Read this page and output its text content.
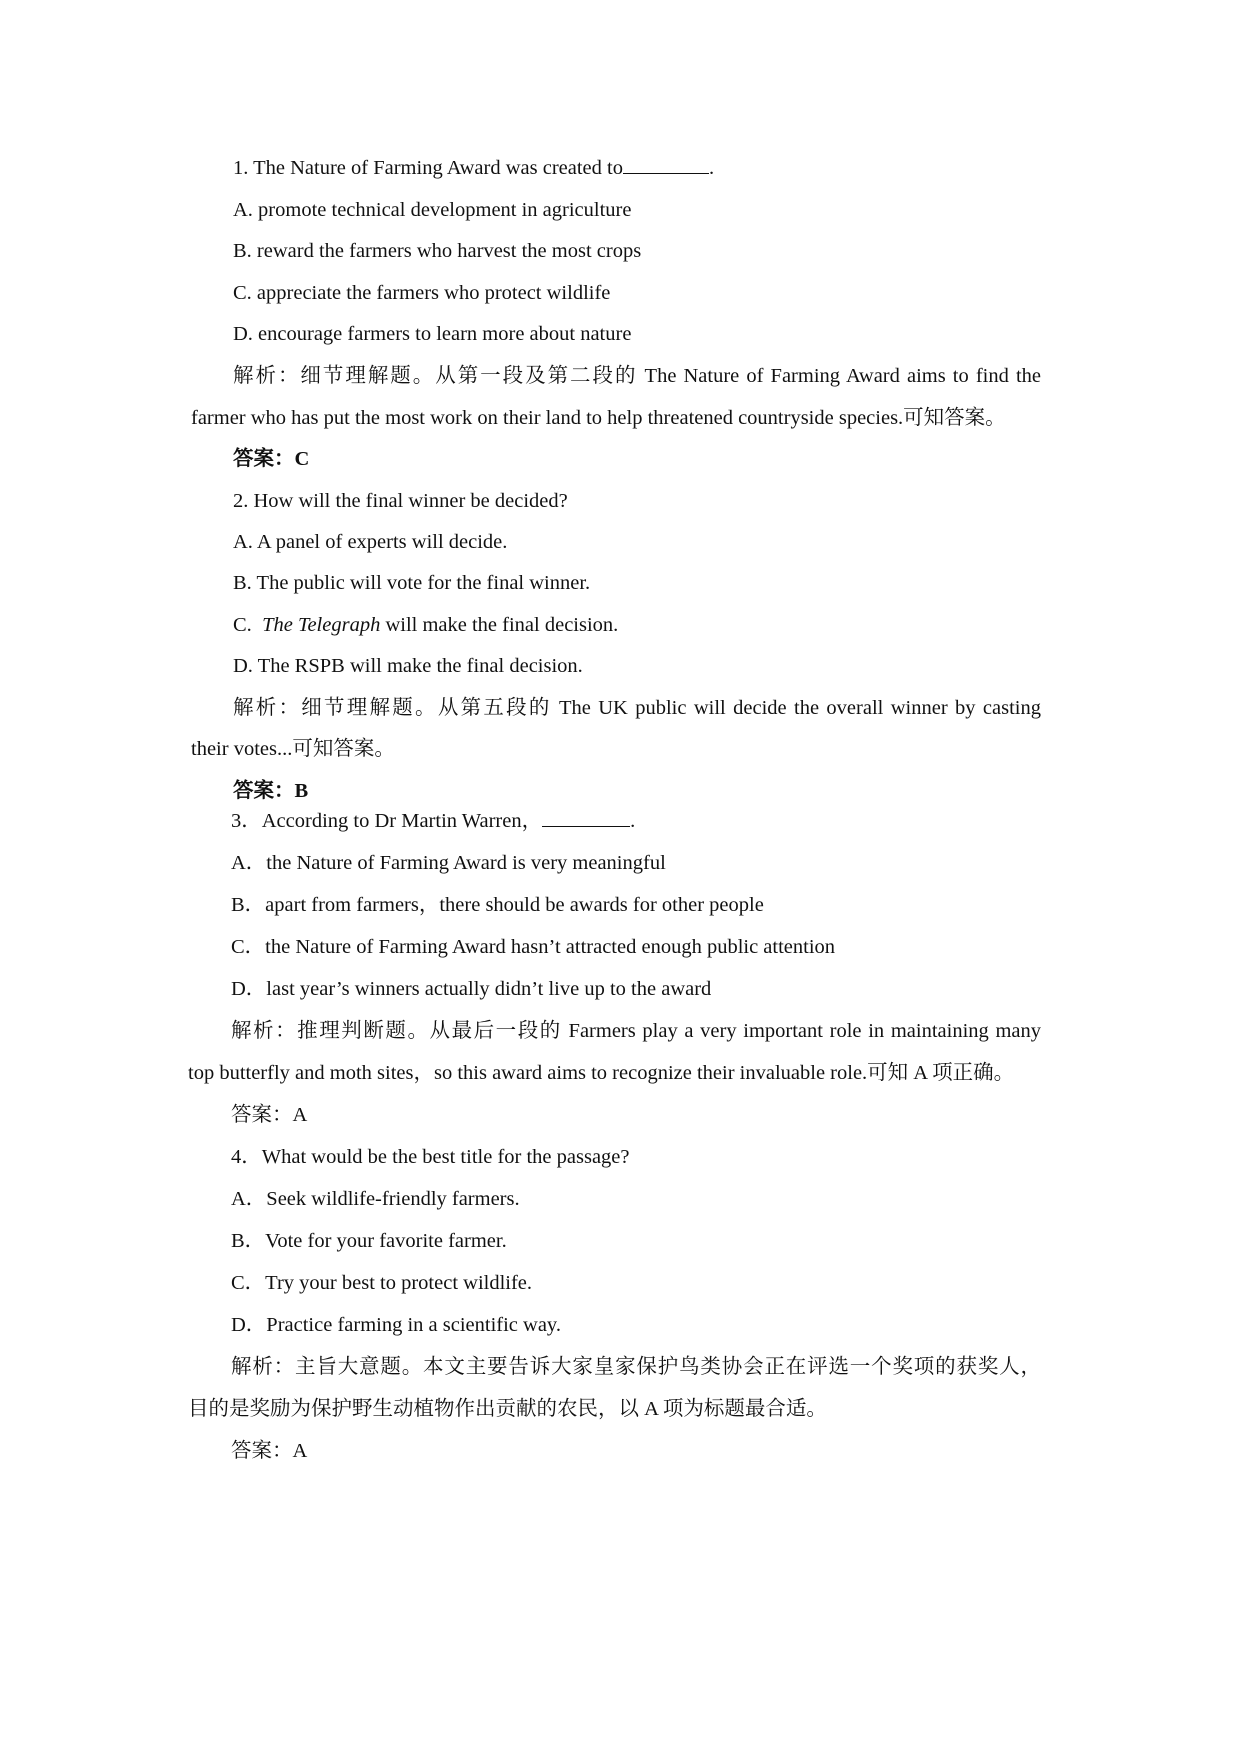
1. The Nature of Farming Award was created to	.
A. promote technical development in agriculture
B. reward the farmers who harvest the most crops
C. appreciate the farmers who protect wildlife
D. encourage farmers to learn more about nature
解析：细节理解题。从第一段及第二段的 The Nature of Farming Award aims to find the
farmer who has put the most work on their land to help threatened countryside species.可知答案。
答案：C
2. How will the final winner be decided?
A. A panel of experts will decide.
B. The public will vote for the final winner.
C. The Telegraph will make the final decision.
D. The RSPB will make the final decision.
解析：细节理解题。从第五段的 The UK public will decide the overall winner by casting
their votes...可知答案。
答案：B
3．According to Dr Martin Warren，	.
A．the Nature of Farming Award is very meaningful
B．apart from farmers，there should be awards for other people
C．the Nature of Farming Award hasn’t attracted enough public attention
D．last year’s winners actually didn’t live up to the award
解析：推理判断题。从最后一段的 Farmers play a very important role in maintaining many
top butterfly and moth sites，so this award aims to recognize their invaluable role.可知 A 项正确。
答案：A
4．What would be the best title for the passage?
A．Seek wildlife-friendly farmers.
B．Vote for your favorite farmer.
C．Try your best to protect wildlife.
D．Practice farming in a scientific way.
解析：主旨大意题。本文主要告诉大家皇家保护鸟类协会正在评选一个奖项的获奖人，
目的是奖励为保护野生动植物作出贡献的农民，以 A 项为标题最合适。
答案：A
